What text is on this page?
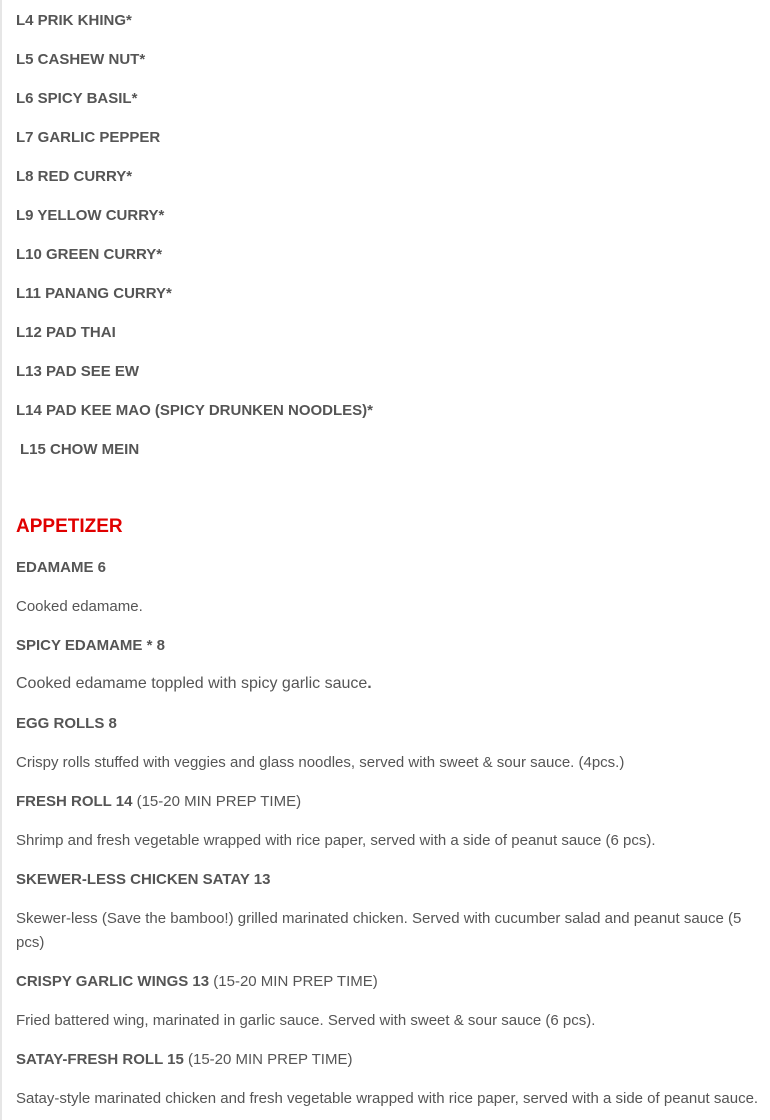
L4 PRIK KHING*

L5 CASHEW NUT*

L6 SPICY BASIL*

L7 GARLIC PEPPER

L8 RED CURRY*

L9 YELLOW CURRY*

L10 GREEN CURRY*

L11 PANANG CURRY*

L12 PAD THAI

L13 PAD SEE EW

L14 PAD KEE MAO (SPICY DRUNKEN NOODLES)*

L15 CHOW MEIN

APPETIZER

EDAMAME 6

Cooked edamame.

SPICY EDAMAME * 8

Cooked edamame toppled with spicy garlic sauce.

EGG ROLLS 8

Crispy rolls stuffed with veggies and glass noodles, served with sweet & sour sauce. (4pcs.)

FRESH ROLL 14 (15-20 MIN PREP TIME)

Shrimp and fresh vegetable wrapped with rice paper, served with a side of peanut sauce (6 pcs).

SKEWER-LESS CHICKEN SATAY 13

Skewer-less (Save the bamboo!) grilled marinated chicken. Served with cucumber salad and peanut sauce (5 pcs)

CRISPY GARLIC WINGS 13 (15-20 MIN PREP TIME)

Fried battered wing, marinated in garlic sauce. Served with sweet & sour sauce (6 pcs).

SATAY-FRESH ROLL 15 (15-20 MIN PREP TIME)

Satay-style marinated chicken and fresh vegetable wrapped with rice paper, served with a side of peanut sauce.
